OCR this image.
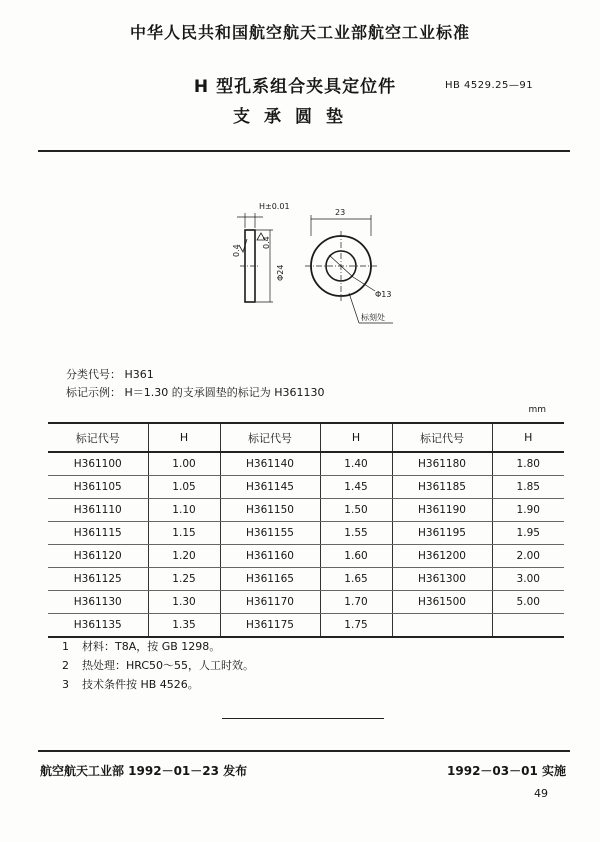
中华人民共和国航空航天工业部航空工业标准
H 型孔系组合夹具定位件
支承圆垫
HB 4529.25—91
H±0.01
0.4
0.4
Φ24
23
Φ13
标刻处
分类代号： H361
标记示例： H＝1.30 的支承圆垫的标记为 H361130
mm
标记代号	H	标记代号	H	标记代号	H
H361100	1.00	H361140	1.40	H361180	1.80
H361105	1.05	H361145	1.45	H361185	1.85
H361110	1.10	H361150	1.50	H361190	1.90
H361115	1.15	H361155	1.55	H361195	1.95
H361120	1.20	H361160	1.60	H361200	2.00
H361125	1.25	H361165	1.65	H361300	3.00
H361130	1.30	H361170	1.70	H361500	5.00
H361135	1.35	H361175	1.75		
1 材料：T8A，按 GB 1298。
2 热处理：HRC50～55，人工时效。
3 技术条件按 HB 4526。
航空航天工业部 1992－01－23 发布	1992－03－01 实施
49
